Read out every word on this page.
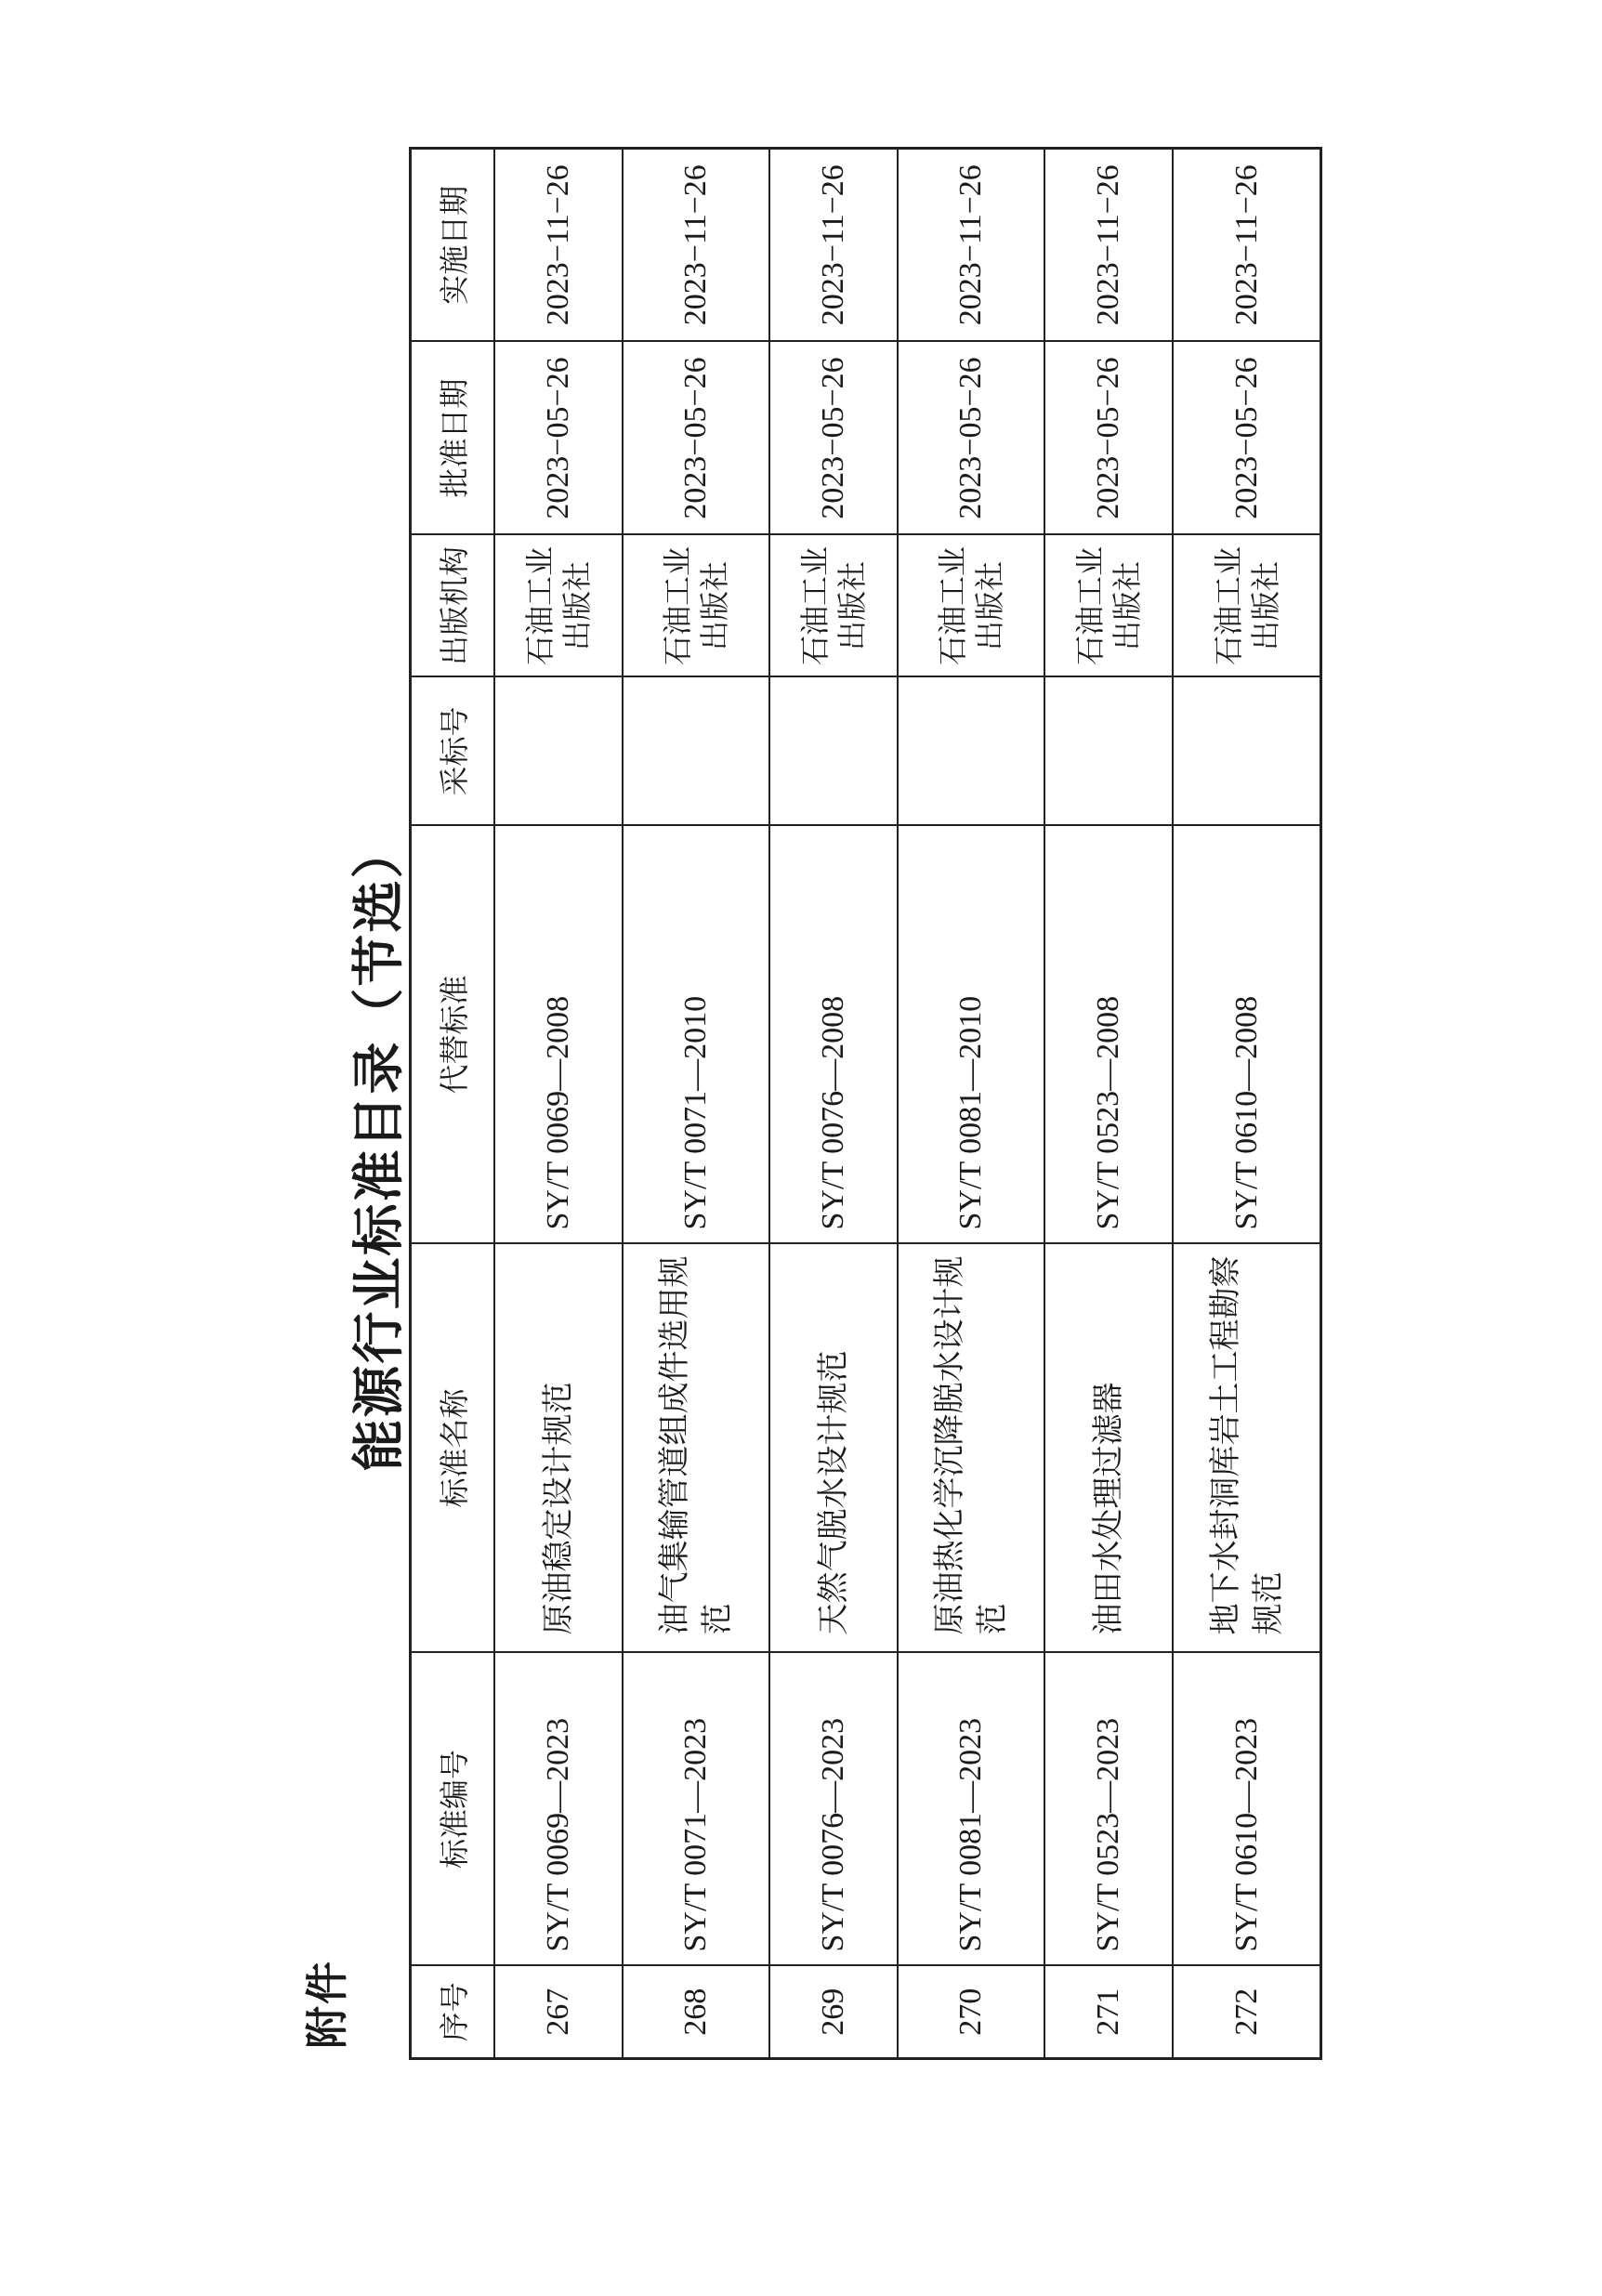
附件
能源行业标准目录（节选）
序号	标准编号	标准名称	代替标准	采标号	出版机构	批准日期	实施日期
267	SY/T 0069—2023	原油稳定设计规范	SY/T 0069—2008		石油工业出版社	2023−05−26	2023−11−26
268	SY/T 0071—2023	油气集输管道组成件选用规范	SY/T 0071—2010		石油工业出版社	2023−05−26	2023−11−26
269	SY/T 0076—2023	天然气脱水设计规范	SY/T 0076—2008		石油工业出版社	2023−05−26	2023−11−26
270	SY/T 0081—2023	原油热化学沉降脱水设计规范	SY/T 0081—2010		石油工业出版社	2023−05−26	2023−11−26
271	SY/T 0523—2023	油田水处理过滤器	SY/T 0523—2008		石油工业出版社	2023−05−26	2023−11−26
272	SY/T 0610—2023	地下水封洞库岩土工程勘察规范	SY/T 0610—2008		石油工业出版社	2023−05−26	2023−11−26
